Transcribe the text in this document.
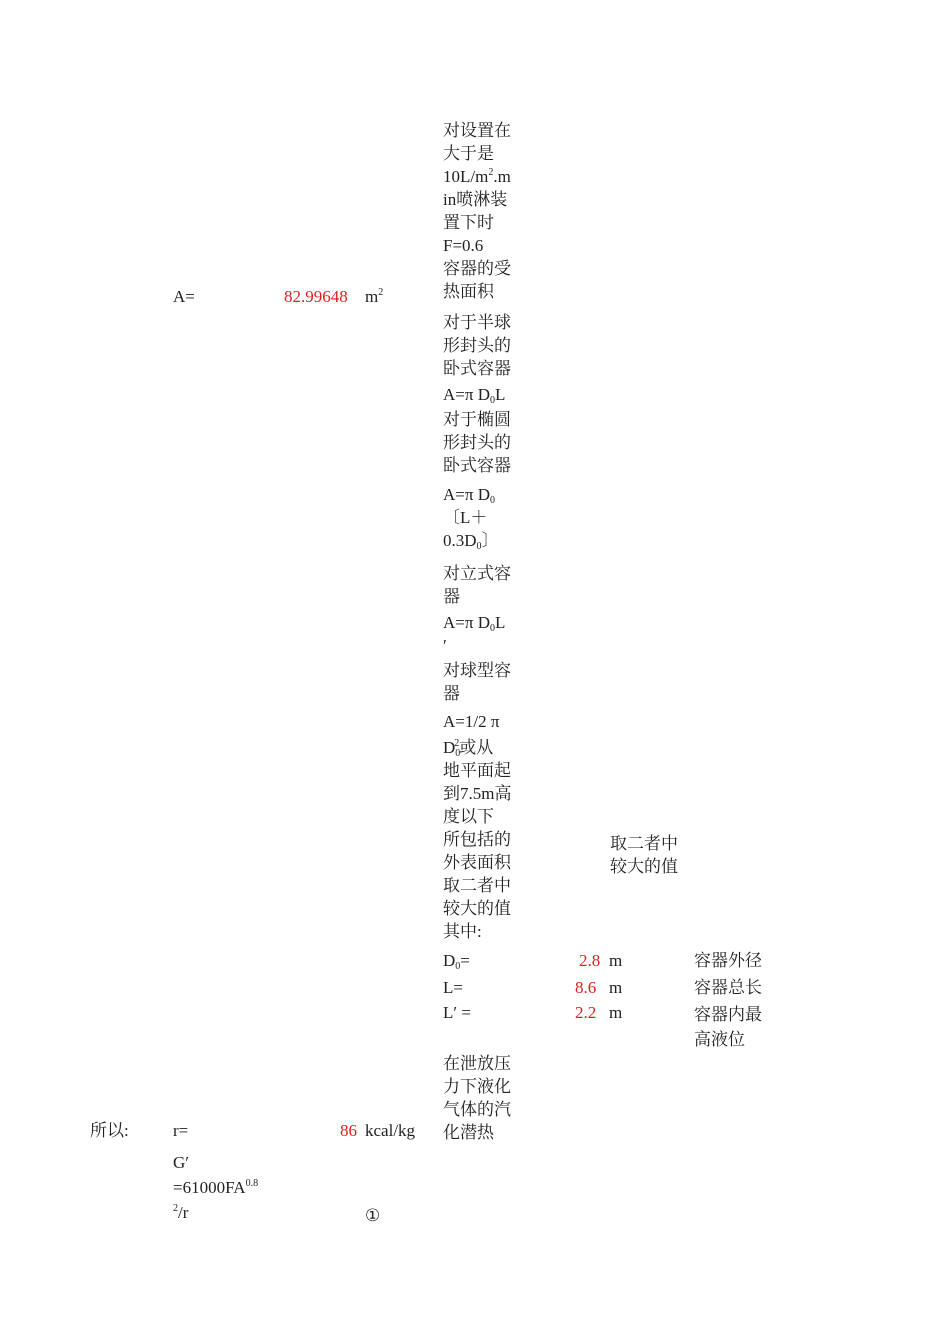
A=	82.99648 $m^2$
对设置在
大于是
$10L/m^2.m$
in喷淋装
置下时
F=0.6
容器的受
热面积
对于半球
形封头的
卧式容器
A=π $D_0L$
对于椭圆
形封头的
卧式容器
A=π $D_0$
〔L＋
$0.3D_0$〕
对立式容
器
A=π $D_0L$
′
对球型容
器
A=1/2 π
$D_0^2$或从
地平面起
到7.5m高
度以下
所包括的
外表面积
取二者中
较大的值
其中:
取二者中
较大的值
$D_0=$	2.8 m	容器外径
L=	8.6 m	容器总长
L′ =	2.2 m	容器内最
高液位
在泄放压
力下液化
气体的汽
化潜热
所以:	r=	86 kcal/kg
G′
$=61000FA^{0.8}$
$^2$/r	①
